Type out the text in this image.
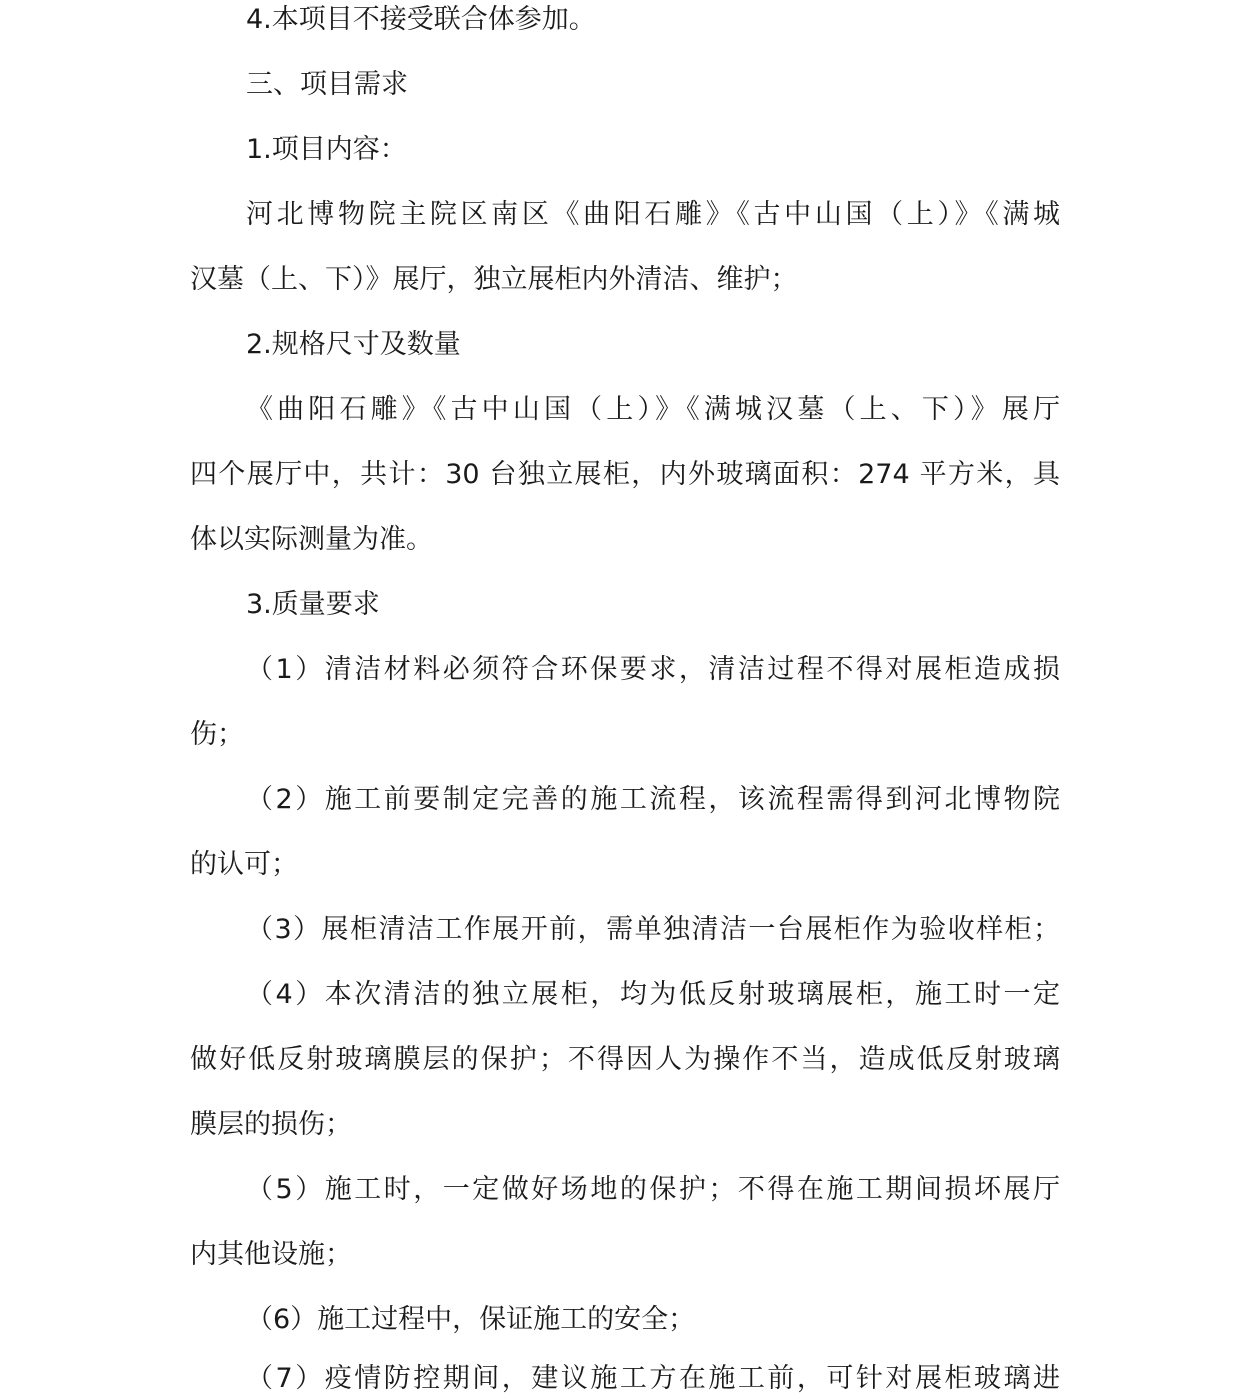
4.本项目不接受联合体参加。
三、项目需求
1.项目内容：
河北博物院主院区南区《曲阳石雕》《古中山国（上）》《满城
汉墓（上、下）》展厅，独立展柜内外清洁、维护；
2.规格尺寸及数量
《曲阳石雕》《古中山国（上）》《满城汉墓（上、下）》展厅
四个展厅中，共计：30 台独立展柜，内外玻璃面积：274 平方米，具
体以实际测量为准。
3.质量要求
（1）清洁材料必须符合环保要求，清洁过程不得对展柜造成损
伤；
（2）施工前要制定完善的施工流程，该流程需得到河北博物院
的认可；
（3）展柜清洁工作展开前，需单独清洁一台展柜作为验收样柜；
（4）本次清洁的独立展柜，均为低反射玻璃展柜，施工时一定
做好低反射玻璃膜层的保护；不得因人为操作不当，造成低反射玻璃
膜层的损伤；
（5）施工时，一定做好场地的保护；不得在施工期间损坏展厅
内其他设施；
（6）施工过程中，保证施工的安全；
（7）疫情防控期间，建议施工方在施工前，可针对展柜玻璃进
